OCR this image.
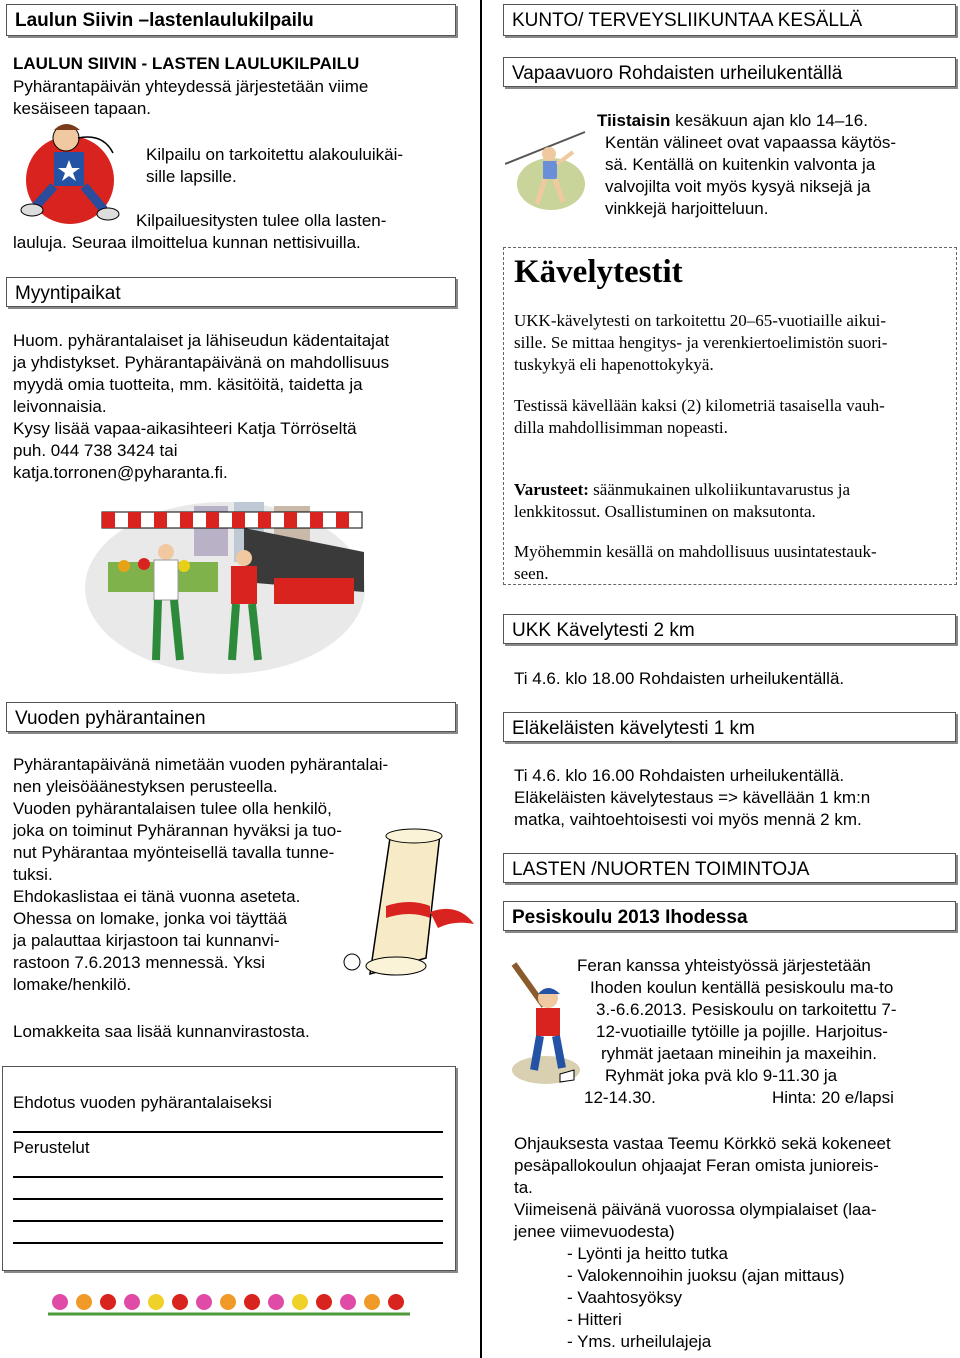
Laulun Siivin –lastenlaulukilpailu
LAULUN SIIVIN - LASTEN LAULUKILPAILU
Pyhärantapäivän yhteydessä järjestetään viime
kesäiseen tapaan.
Kilpailu on tarkoitettu alakouluikäi-
sille lapsille.
Kilpailuesitysten tulee olla lasten-
lauluja. Seuraa ilmoittelua kunnan nettisivuilla.
Myyntipaikat

Huom. pyhärantalaiset ja lähiseudun kädentaitajat

ja yhdistykset. Pyhärantapäivänä on mahdollisuus

myydä omia tuotteita, mm. käsitöitä, taidetta ja

leivonnaisia.

Kysy lisää vapaa-aikasihteeri Katja Törröseltä

puh. 044 738 3424 tai

katja.torronen@pyharanta.fi.

Vuoden pyhärantainen

Pyhärantapäivänä nimetään vuoden pyhärantalai-

nen yleisöäänestyksen perusteella.

Vuoden pyhärantalaisen tulee olla henkilö,

joka on toiminut Pyhärannan hyväksi ja tuo-

nut Pyhärantaa myönteisellä tavalla tunne-

tuksi.

Ehdokaslistaa ei tänä vuonna aseteta.

Ohessa on lomake, jonka voi täyttää

ja palauttaa kirjastoon tai kunnanvi-

rastoon 7.6.2013 mennessä. Yksi

lomake/henkilö.

Lomakkeita saa lisää kunnanvirastosta.
Ehdotus vuoden pyhärantalaiseksi
Perustelut
KUNTO/ TERVEYSLIIKUNTAA KESÄLLÄ
Vapaavuoro Rohdaisten urheilukentällä

Tiistaisin kesäkuun ajan klo 14–16.

Kentän välineet ovat vapaassa käytös-

sä. Kentällä on kuitenkin valvonta ja

valvojilta voit myös kysyä niksejä ja

vinkkejä harjoitteluun.

Kävelytestit

UKK-kävelytesti on tarkoitettu 20–65-vuotiaille aikui-

sille. Se mittaa hengitys- ja verenkiertoelimistön suori-

tuskykyä eli hapenottokykyä.

Testissä kävellään kaksi (2) kilometriä tasaisella vauh-

dilla mahdollisimman nopeasti.

Varusteet: säänmukainen ulkoliikuntavarustus ja

lenkkitossut. Osallistuminen on maksutonta.

Myöhemmin kesällä on mahdollisuus uusintatestauk-

seen.

UKK Kävelytesti 2 km
Ti 4.6. klo 18.00 Rohdaisten urheilukentällä.
Eläkeläisten kävelytesti 1 km

Ti 4.6. klo 16.00 Rohdaisten urheilukentällä.

Eläkeläisten kävelytestaus => kävellään 1 km:n

matka, vaihtoehtoisesti voi myös mennä 2 km.

LASTEN /NUORTEN TOIMINTOJA
Pesiskoulu 2013 Ihodessa

Feran kanssa yhteistyössä järjestetään

Ihoden koulun kentällä pesiskoulu ma-to

3.-6.6.2013. Pesiskoulu on tarkoitettu 7-

12-vuotiaille tytöille ja pojille. Harjoitus-

ryhmät jaetaan mineihin ja maxeihin.

Ryhmät joka pvä klo 9-11.30 ja

12-14.30.	Hinta: 20 e/lapsi

Ohjauksesta vastaa Teemu Körkkö sekä kokeneet

pesäpallokoulun ohjaajat Feran omista junioreis-

ta.

Viimeisenä päivänä vuorossa olympialaiset (laa-

jenee viimevuodesta)

- Lyönti ja heitto tutka

- Valokennoihin juoksu (ajan mittaus)

- Vaahtosyöksy

- Hitteri

- Yms. urheilulajeja
